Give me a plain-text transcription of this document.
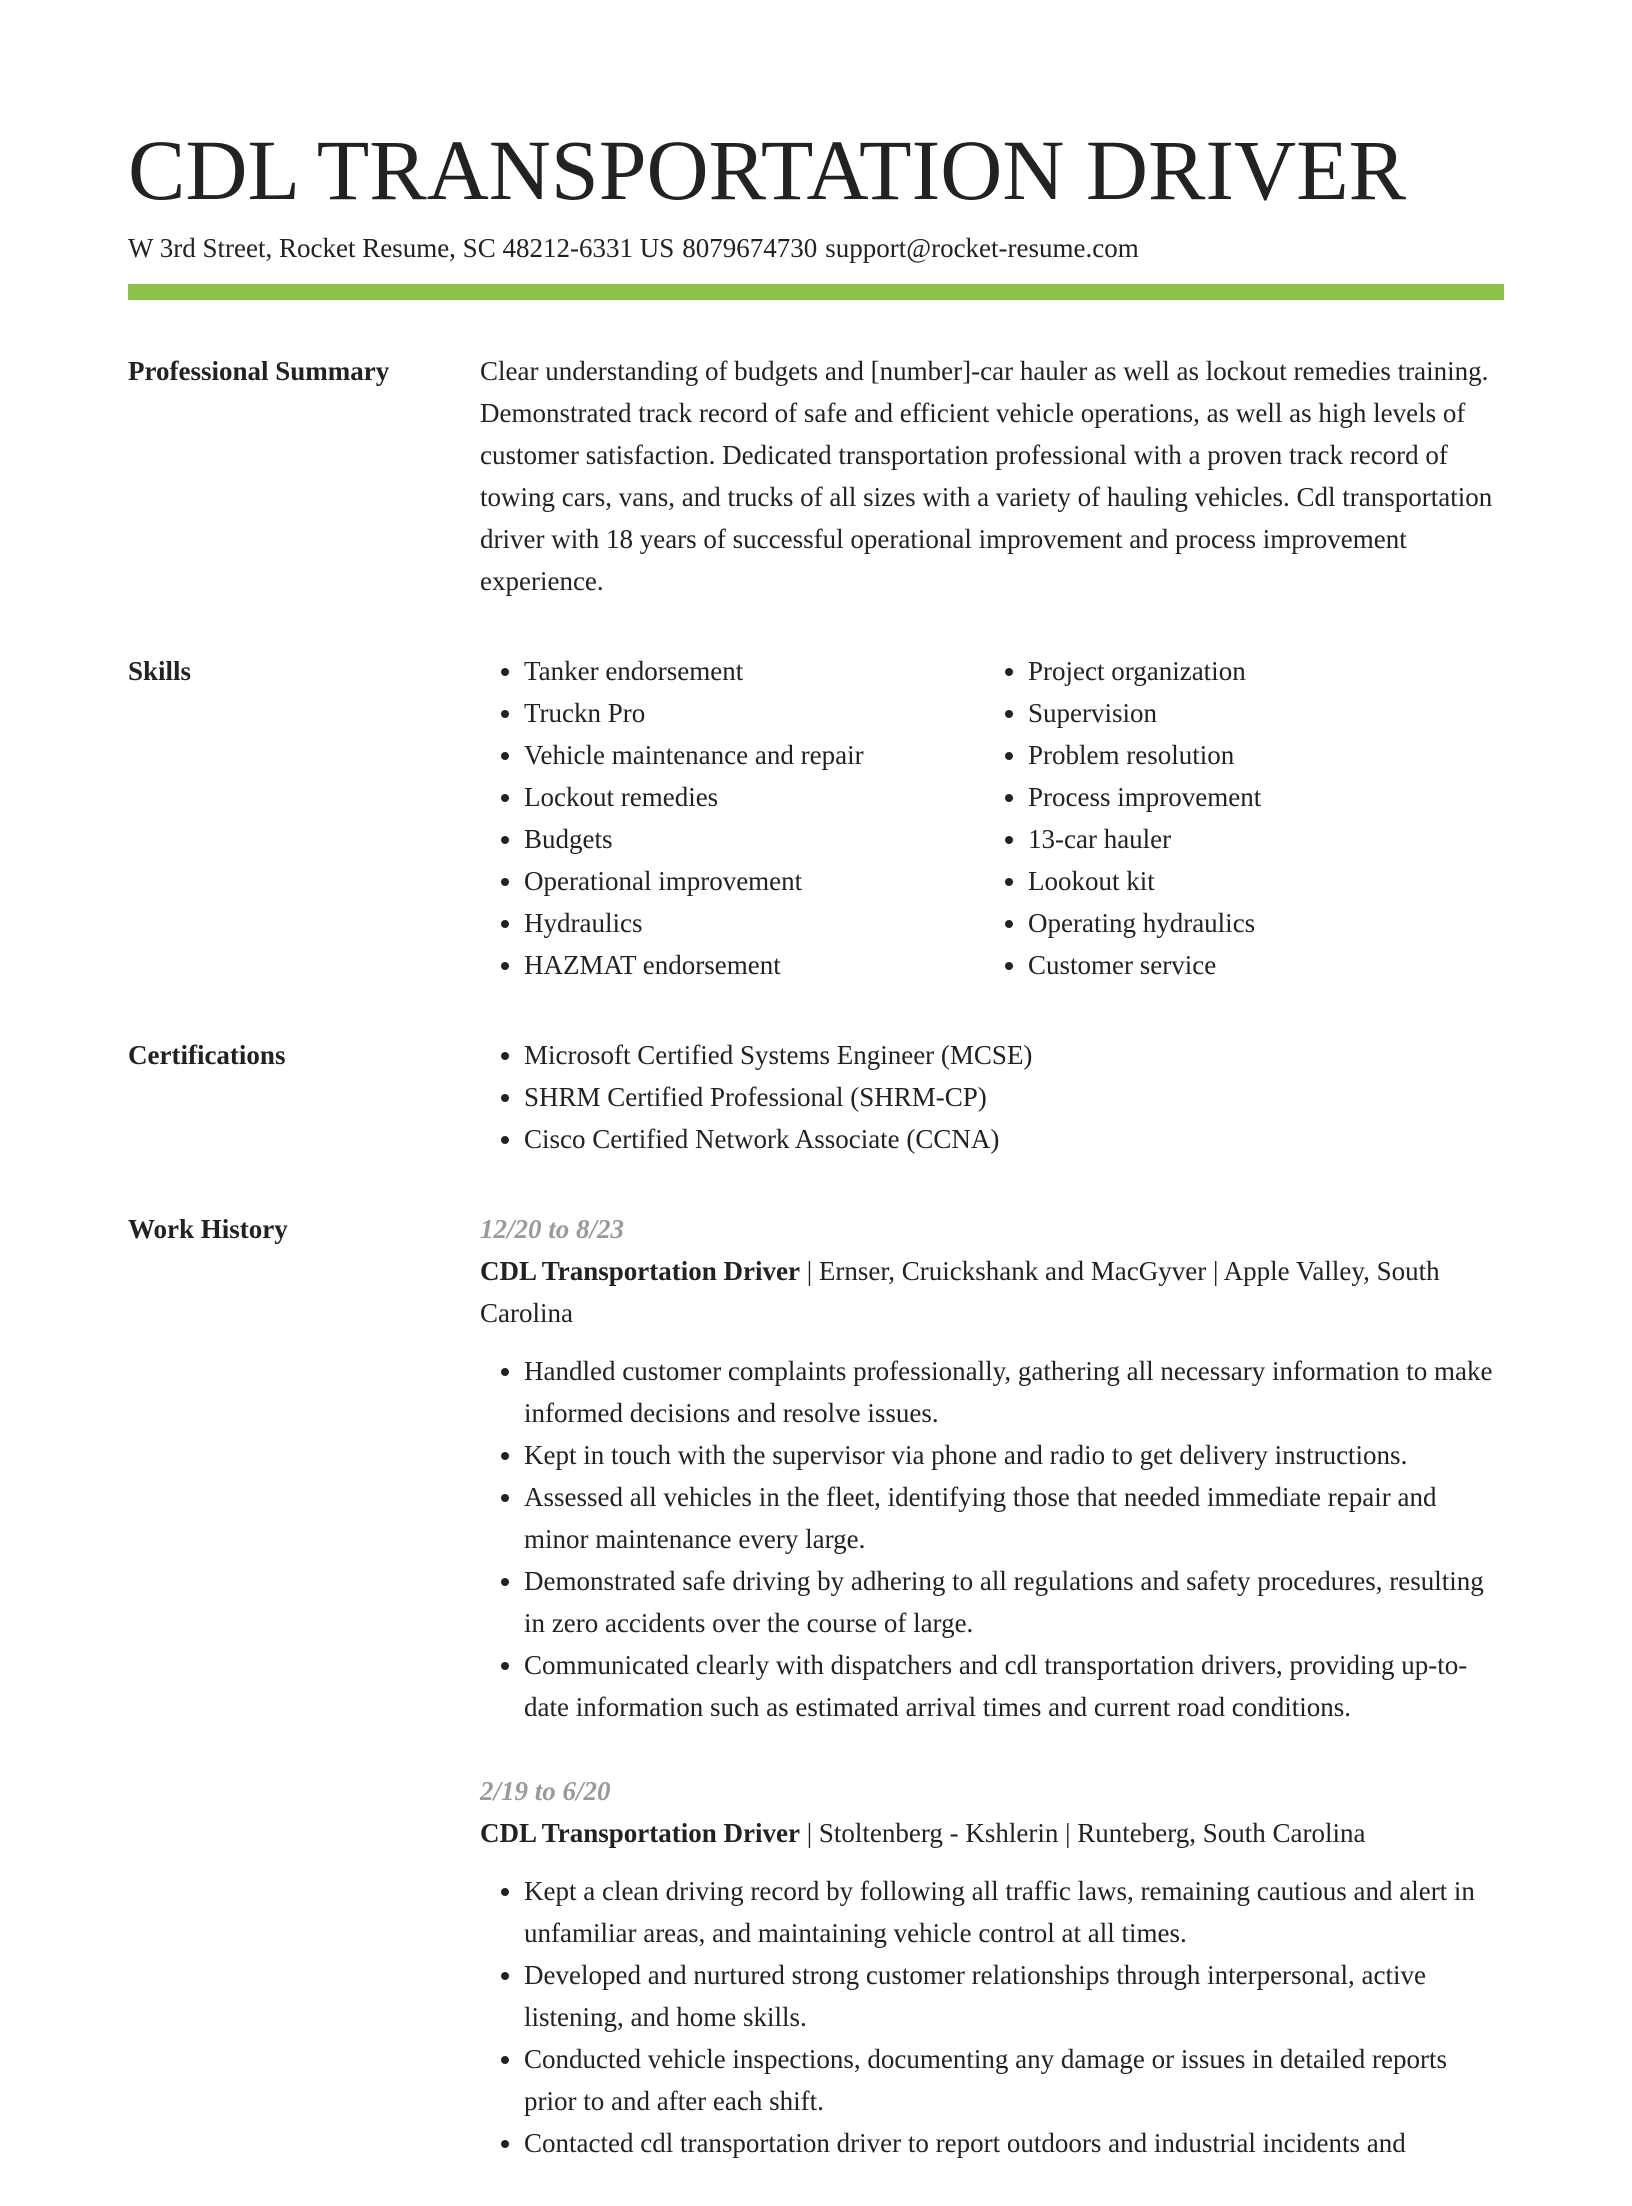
CDL TRANSPORTATION DRIVER
W 3rd Street, Rocket Resume, SC 48212-6331 US 8079674730 support@rocket-resume.com
Professional Summary	Clear understanding of budgets and [number]-car hauler as well as lockout remedies training. Demonstrated track record of safe and efficient vehicle operations, as well as high levels of customer satisfaction. Dedicated transportation professional with a proven track record of towing cars, vans, and trucks of all sizes with a variety of hauling vehicles. Cdl transportation driver with 18 years of successful operational improvement and process improvement experience.

Skills	• Tanker endorsement
• Truckn Pro
• Vehicle maintenance and repair
• Lockout remedies
• Budgets
• Operational improvement
• Hydraulics
• HAZMAT endorsement
• Project organization
• Supervision
• Problem resolution
• Process improvement
• 13-car hauler
• Lookout kit
• Operating hydraulics
• Customer service
Certifications	• Microsoft Certified Systems Engineer (MCSE)
• SHRM Certified Professional (SHRM-CP)
• Cisco Certified Network Associate (CCNA)
Work History	12/20 to 8/23

CDL Transportation Driver | Ernser, Cruickshank and MacGyver | Apple Valley, South Carolina

• Handled customer complaints professionally, gathering all necessary information to make informed decisions and resolve issues.
• Kept in touch with the supervisor via phone and radio to get delivery instructions.
• Assessed all vehicles in the fleet, identifying those that needed immediate repair and minor maintenance every large.
• Demonstrated safe driving by adhering to all regulations and safety procedures, resulting in zero accidents over the course of large.
• Communicated clearly with dispatchers and cdl transportation drivers, providing up-to-date information such as estimated arrival times and current road conditions.
2/19 to 6/20

CDL Transportation Driver | Stoltenberg - Kshlerin | Runteberg, South Carolina

• Kept a clean driving record by following all traffic laws, remaining cautious and alert in unfamiliar areas, and maintaining vehicle control at all times.
• Developed and nurtured strong customer relationships through interpersonal, active listening, and home skills.
• Conducted vehicle inspections, documenting any damage or issues in detailed reports prior to and after each shift.
• Contacted cdl transportation driver to report outdoors and industrial incidents and
